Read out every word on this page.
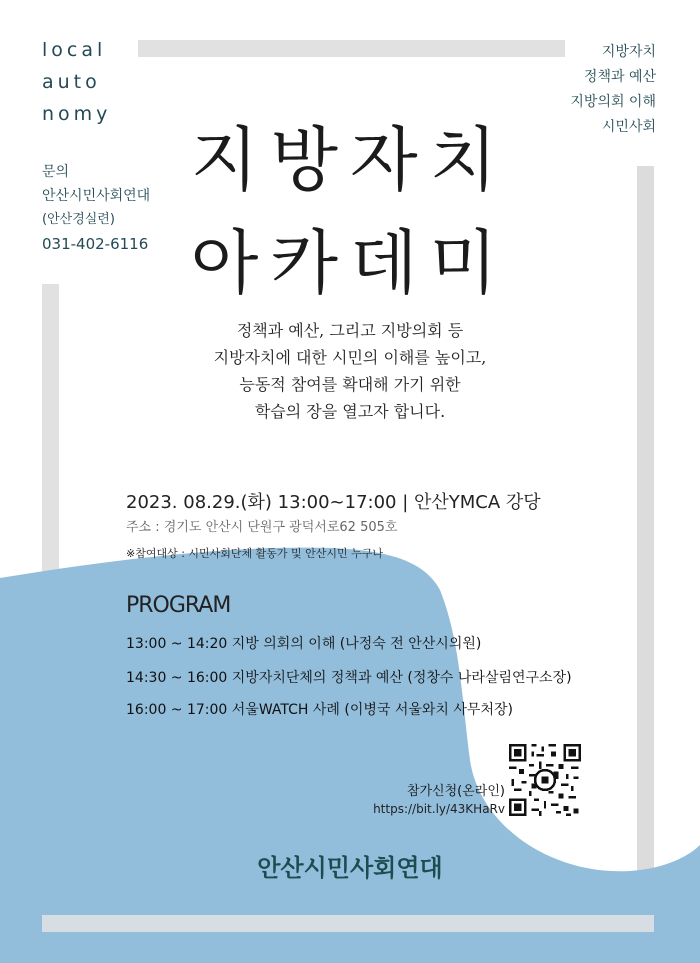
local
auto
nomy
문의
안산시민사회연대
(안산경실련)
031-402-6116
지방자치
정책과 예산
지방의회 이해
시민사회
지방자치
아카데미
정책과 예산, 그리고 지방의회 등
지방자치에 대한 시민의 이해를 높이고,
능동적 참여를 확대해 가기 위한
학습의 장을 열고자 합니다.
2023. 08.29.(화) 13:00~17:00 | 안산YMCA 강당
주소 : 경기도 안산시 단원구 광덕서로62 505호
※참여대상 : 시민사회단체 활동가 및 안산시민 누구나
PROGRAM
13:00 ~ 14:20 지방 의회의 이해 (나정숙 전 안산시의원)
14:30 ~ 16:00 지방자치단체의 정책과 예산 (정창수 나라살림연구소장)
16:00 ~ 17:00 서울WATCH 사례 (이병국 서울와치 사무처장)
참가신청(온라인)
https://bit.ly/43KHaRv
안산시민사회연대
